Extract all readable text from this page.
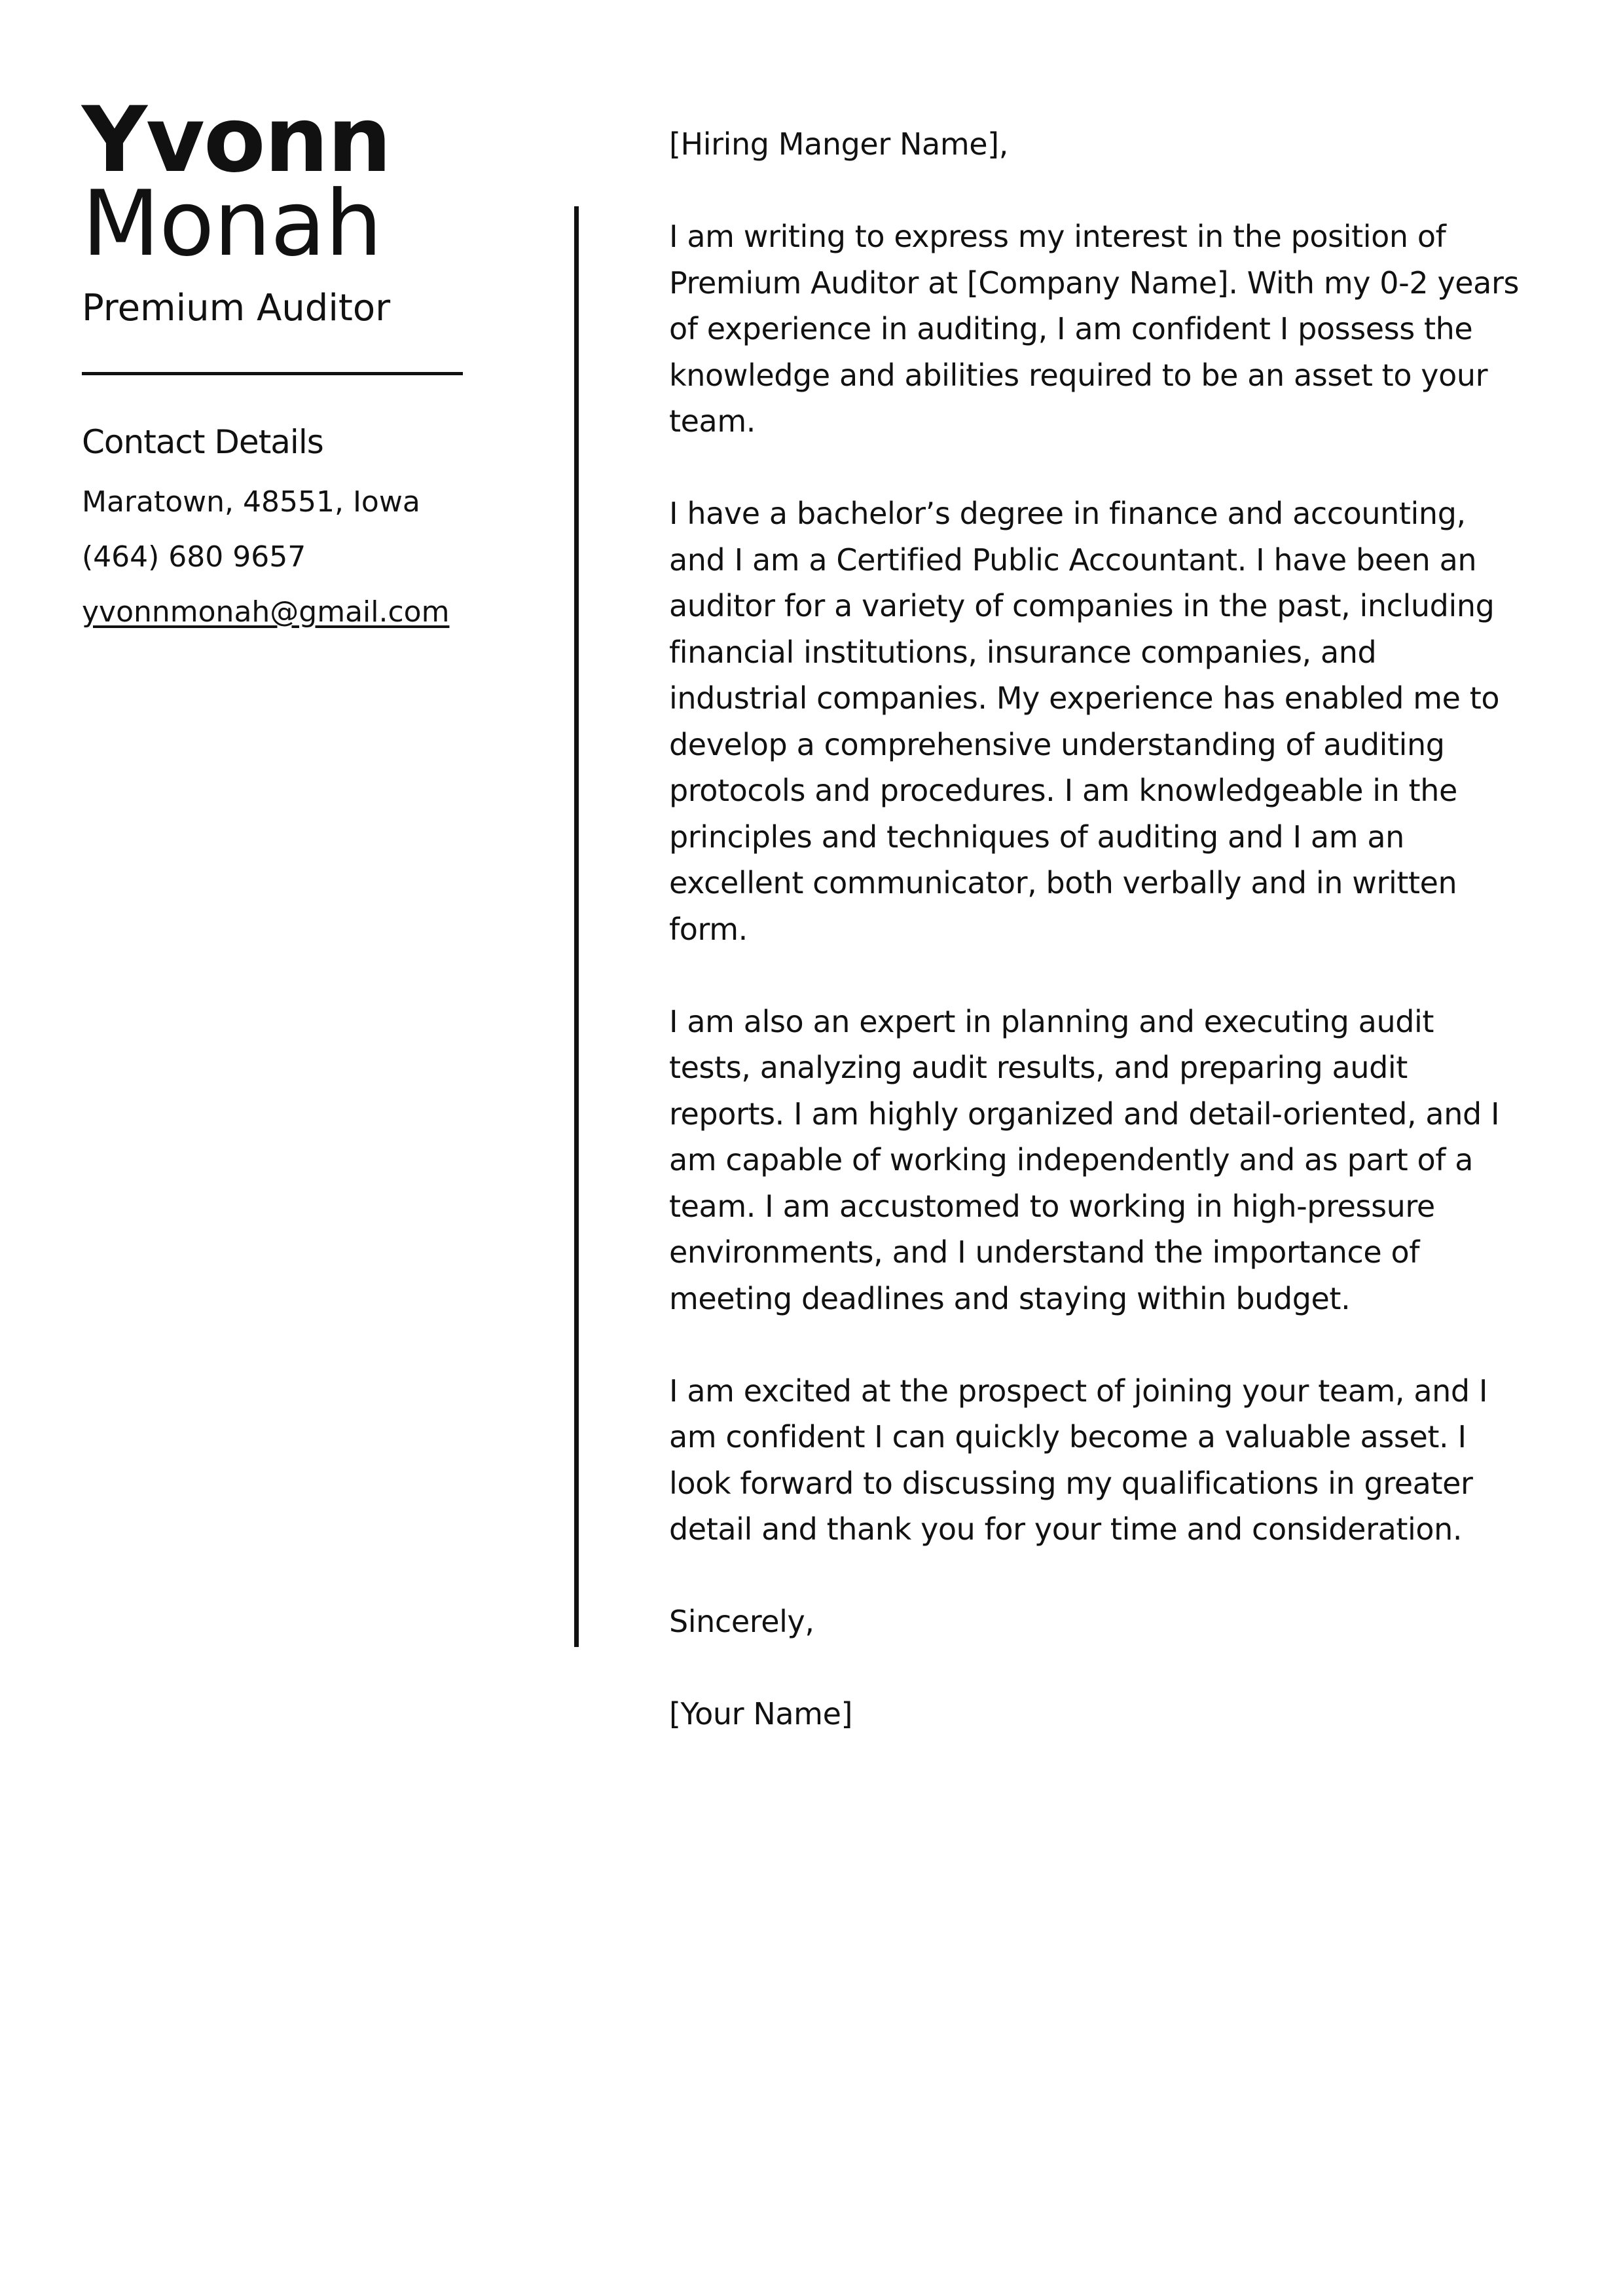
Yvonn
Monah
Premium Auditor
Contact Details
Maratown, 48551, Iowa
(464) 680 9657
yvonnmonah@gmail.com

[Hiring Manger Name],

I am writing to express my interest in the position of Premium Auditor at [Company Name]. With my 0-2 years of experience in auditing, I am confident I possess the knowledge and abilities required to be an asset to your team.

I have a bachelor’s degree in finance and accounting, and I am a Certified Public Accountant. I have been an auditor for a variety of companies in the past, including financial institutions, insurance companies, and industrial companies. My experience has enabled me to develop a comprehensive understanding of auditing protocols and procedures. I am knowledgeable in the principles and techniques of auditing and I am an excellent communicator, both verbally and in written form.

I am also an expert in planning and executing audit tests, analyzing audit results, and preparing audit reports. I am highly organized and detail-oriented, and I am capable of working independently and as part of a team. I am accustomed to working in high-pressure environments, and I understand the importance of meeting deadlines and staying within budget.

I am excited at the prospect of joining your team, and I am confident I can quickly become a valuable asset. I look forward to discussing my qualifications in greater detail and thank you for your time and consideration.

Sincerely,

[Your Name]
